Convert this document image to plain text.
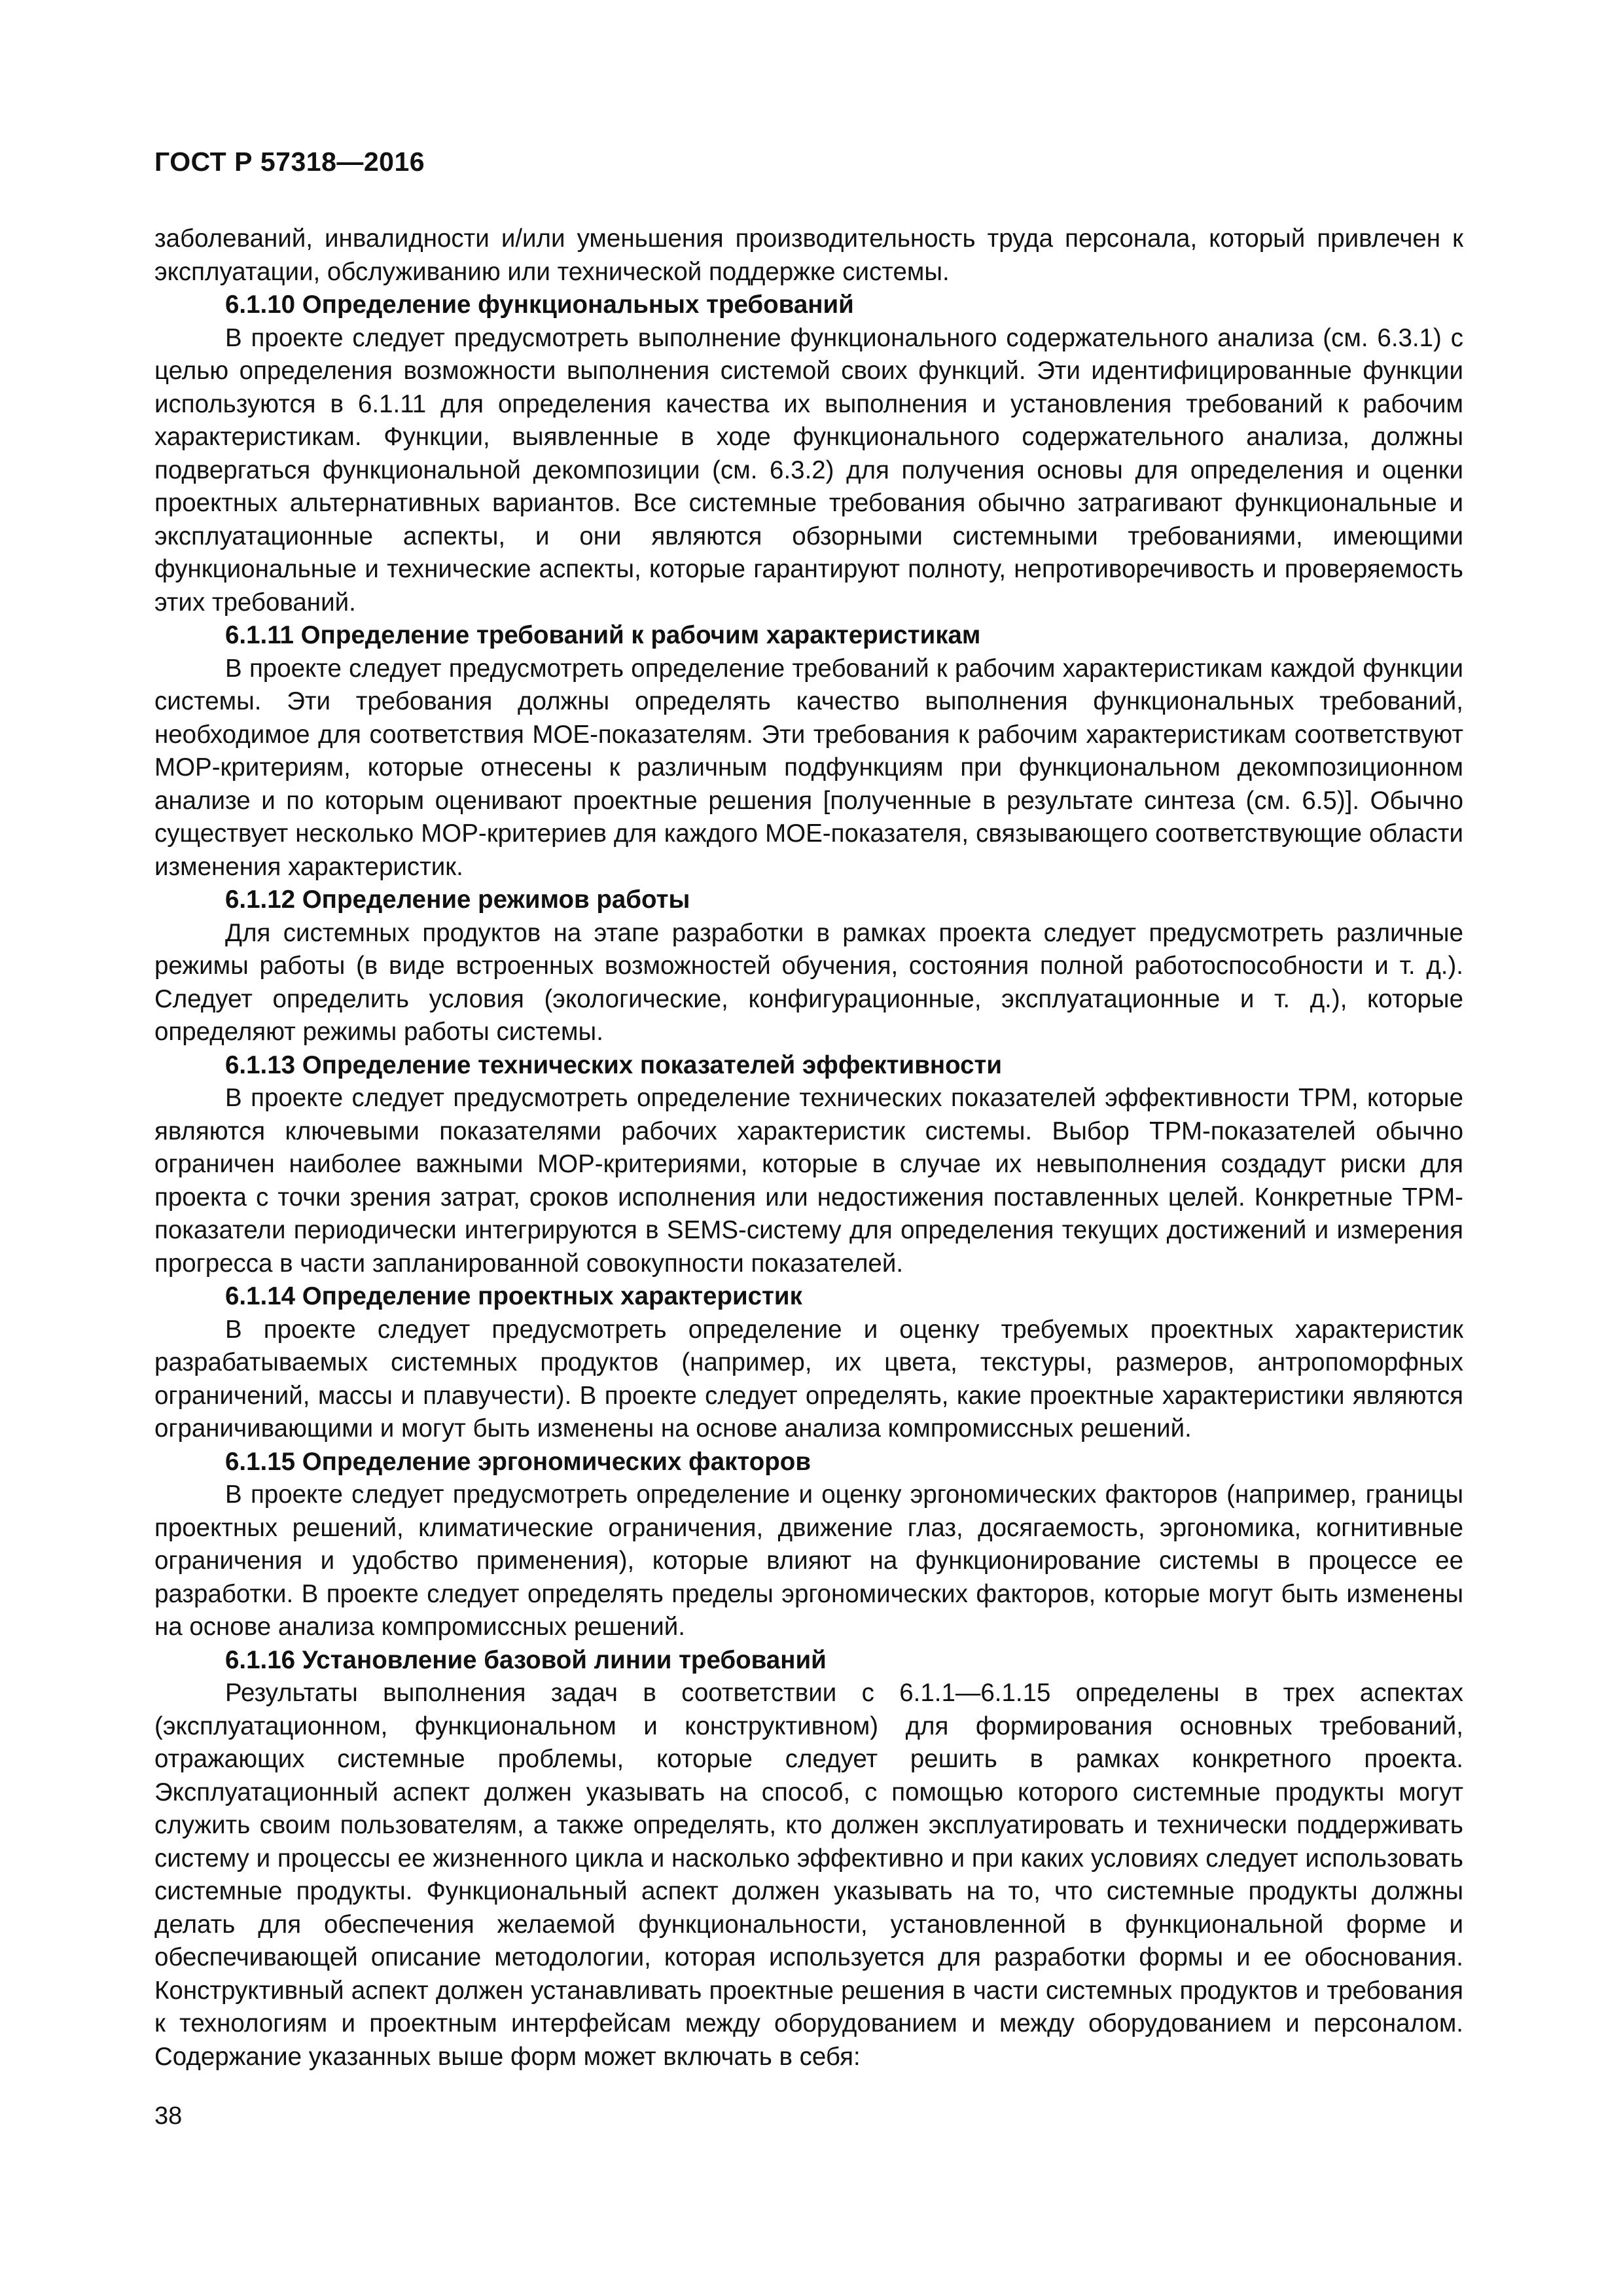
ГОСТ Р 57318—2016

заболеваний, инвалидности и/или уменьшения производительность труда персонала, который привлечен к эксплуатации, обслуживанию или технической поддержке системы.

6.1.10 Определение функциональных требований

В проекте следует предусмотреть выполнение функционального содержательного анализа (см. 6.3.1) с целью определения возможности выполнения системой своих функций. Эти идентифицированные функции используются в 6.1.11 для определения качества их выполнения и установления требований к рабочим характеристикам. Функции, выявленные в ходе функционального содержательного анализа, должны подвергаться функциональной декомпозиции (см. 6.3.2) для получения основы для определения и оценки проектных альтернативных вариантов. Все системные требования обычно затрагивают функциональные и эксплуатационные аспекты, и они являются обзорными системными требованиями, имеющими функциональные и технические аспекты, которые гарантируют полноту, непротиворечивость и проверяемость этих требований.

6.1.11 Определение требований к рабочим характеристикам

В проекте следует предусмотреть определение требований к рабочим характеристикам каждой функции системы. Эти требования должны определять качество выполнения функциональных требований, необходимое для соответствия МОЕ-показателям. Эти требования к рабочим характеристикам соответствуют МОР-критериям, которые отнесены к различным подфункциям при функциональном декомпозиционном анализе и по которым оценивают проектные решения [полученные в результате синтеза (см. 6.5)]. Обычно существует несколько МОР-критериев для каждого МОЕ-показателя, связывающего соответствующие области изменения характеристик.

6.1.12 Определение режимов работы

Для системных продуктов на этапе разработки в рамках проекта следует предусмотреть различные режимы работы (в виде встроенных возможностей обучения, состояния полной работоспособности и т. д.). Следует определить условия (экологические, конфигурационные, эксплуатационные и т. д.), которые определяют режимы работы системы.

6.1.13 Определение технических показателей эффективности

В проекте следует предусмотреть определение технических показателей эффективности ТРМ, которые являются ключевыми показателями рабочих характеристик системы. Выбор ТРМ-показателей обычно ограничен наиболее важными МОР-критериями, которые в случае их невыполнения создадут риски для проекта с точки зрения затрат, сроков исполнения или недостижения поставленных целей. Конкретные ТРМ-показатели периодически интегрируются в SEMS-систему для определения текущих достижений и измерения прогресса в части запланированной совокупности показателей.

6.1.14 Определение проектных характеристик

В проекте следует предусмотреть определение и оценку требуемых проектных характеристик разрабатываемых системных продуктов (например, их цвета, текстуры, размеров, антропоморфных ограничений, массы и плавучести). В проекте следует определять, какие проектные характеристики являются ограничивающими и могут быть изменены на основе анализа компромиссных решений.

6.1.15 Определение эргономических факторов

В проекте следует предусмотреть определение и оценку эргономических факторов (например, границы проектных решений, климатические ограничения, движение глаз, досягаемость, эргономика, когнитивные ограничения и удобство применения), которые влияют на функционирование системы в процессе ее разработки. В проекте следует определять пределы эргономических факторов, которые могут быть изменены на основе анализа компромиссных решений.

6.1.16 Установление базовой линии требований

Результаты выполнения задач в соответствии с 6.1.1—6.1.15 определены в трех аспектах (эксплуатационном, функциональном и конструктивном) для формирования основных требований, отражающих системные проблемы, которые следует решить в рамках конкретного проекта. Эксплуатационный аспект должен указывать на способ, с помощью которого системные продукты могут служить своим пользователям, а также определять, кто должен эксплуатировать и технически поддерживать систему и процессы ее жизненного цикла и насколько эффективно и при каких условиях следует использовать системные продукты. Функциональный аспект должен указывать на то, что системные продукты должны делать для обеспечения желаемой функциональности, установленной в функциональной форме и обеспечивающей описание методологии, которая используется для разработки формы и ее обоснования. Конструктивный аспект должен устанавливать проектные решения в части системных продуктов и требования к технологиям и проектным интерфейсам между оборудованием и между оборудованием и персоналом. Содержание указанных выше форм может включать в себя:

38
